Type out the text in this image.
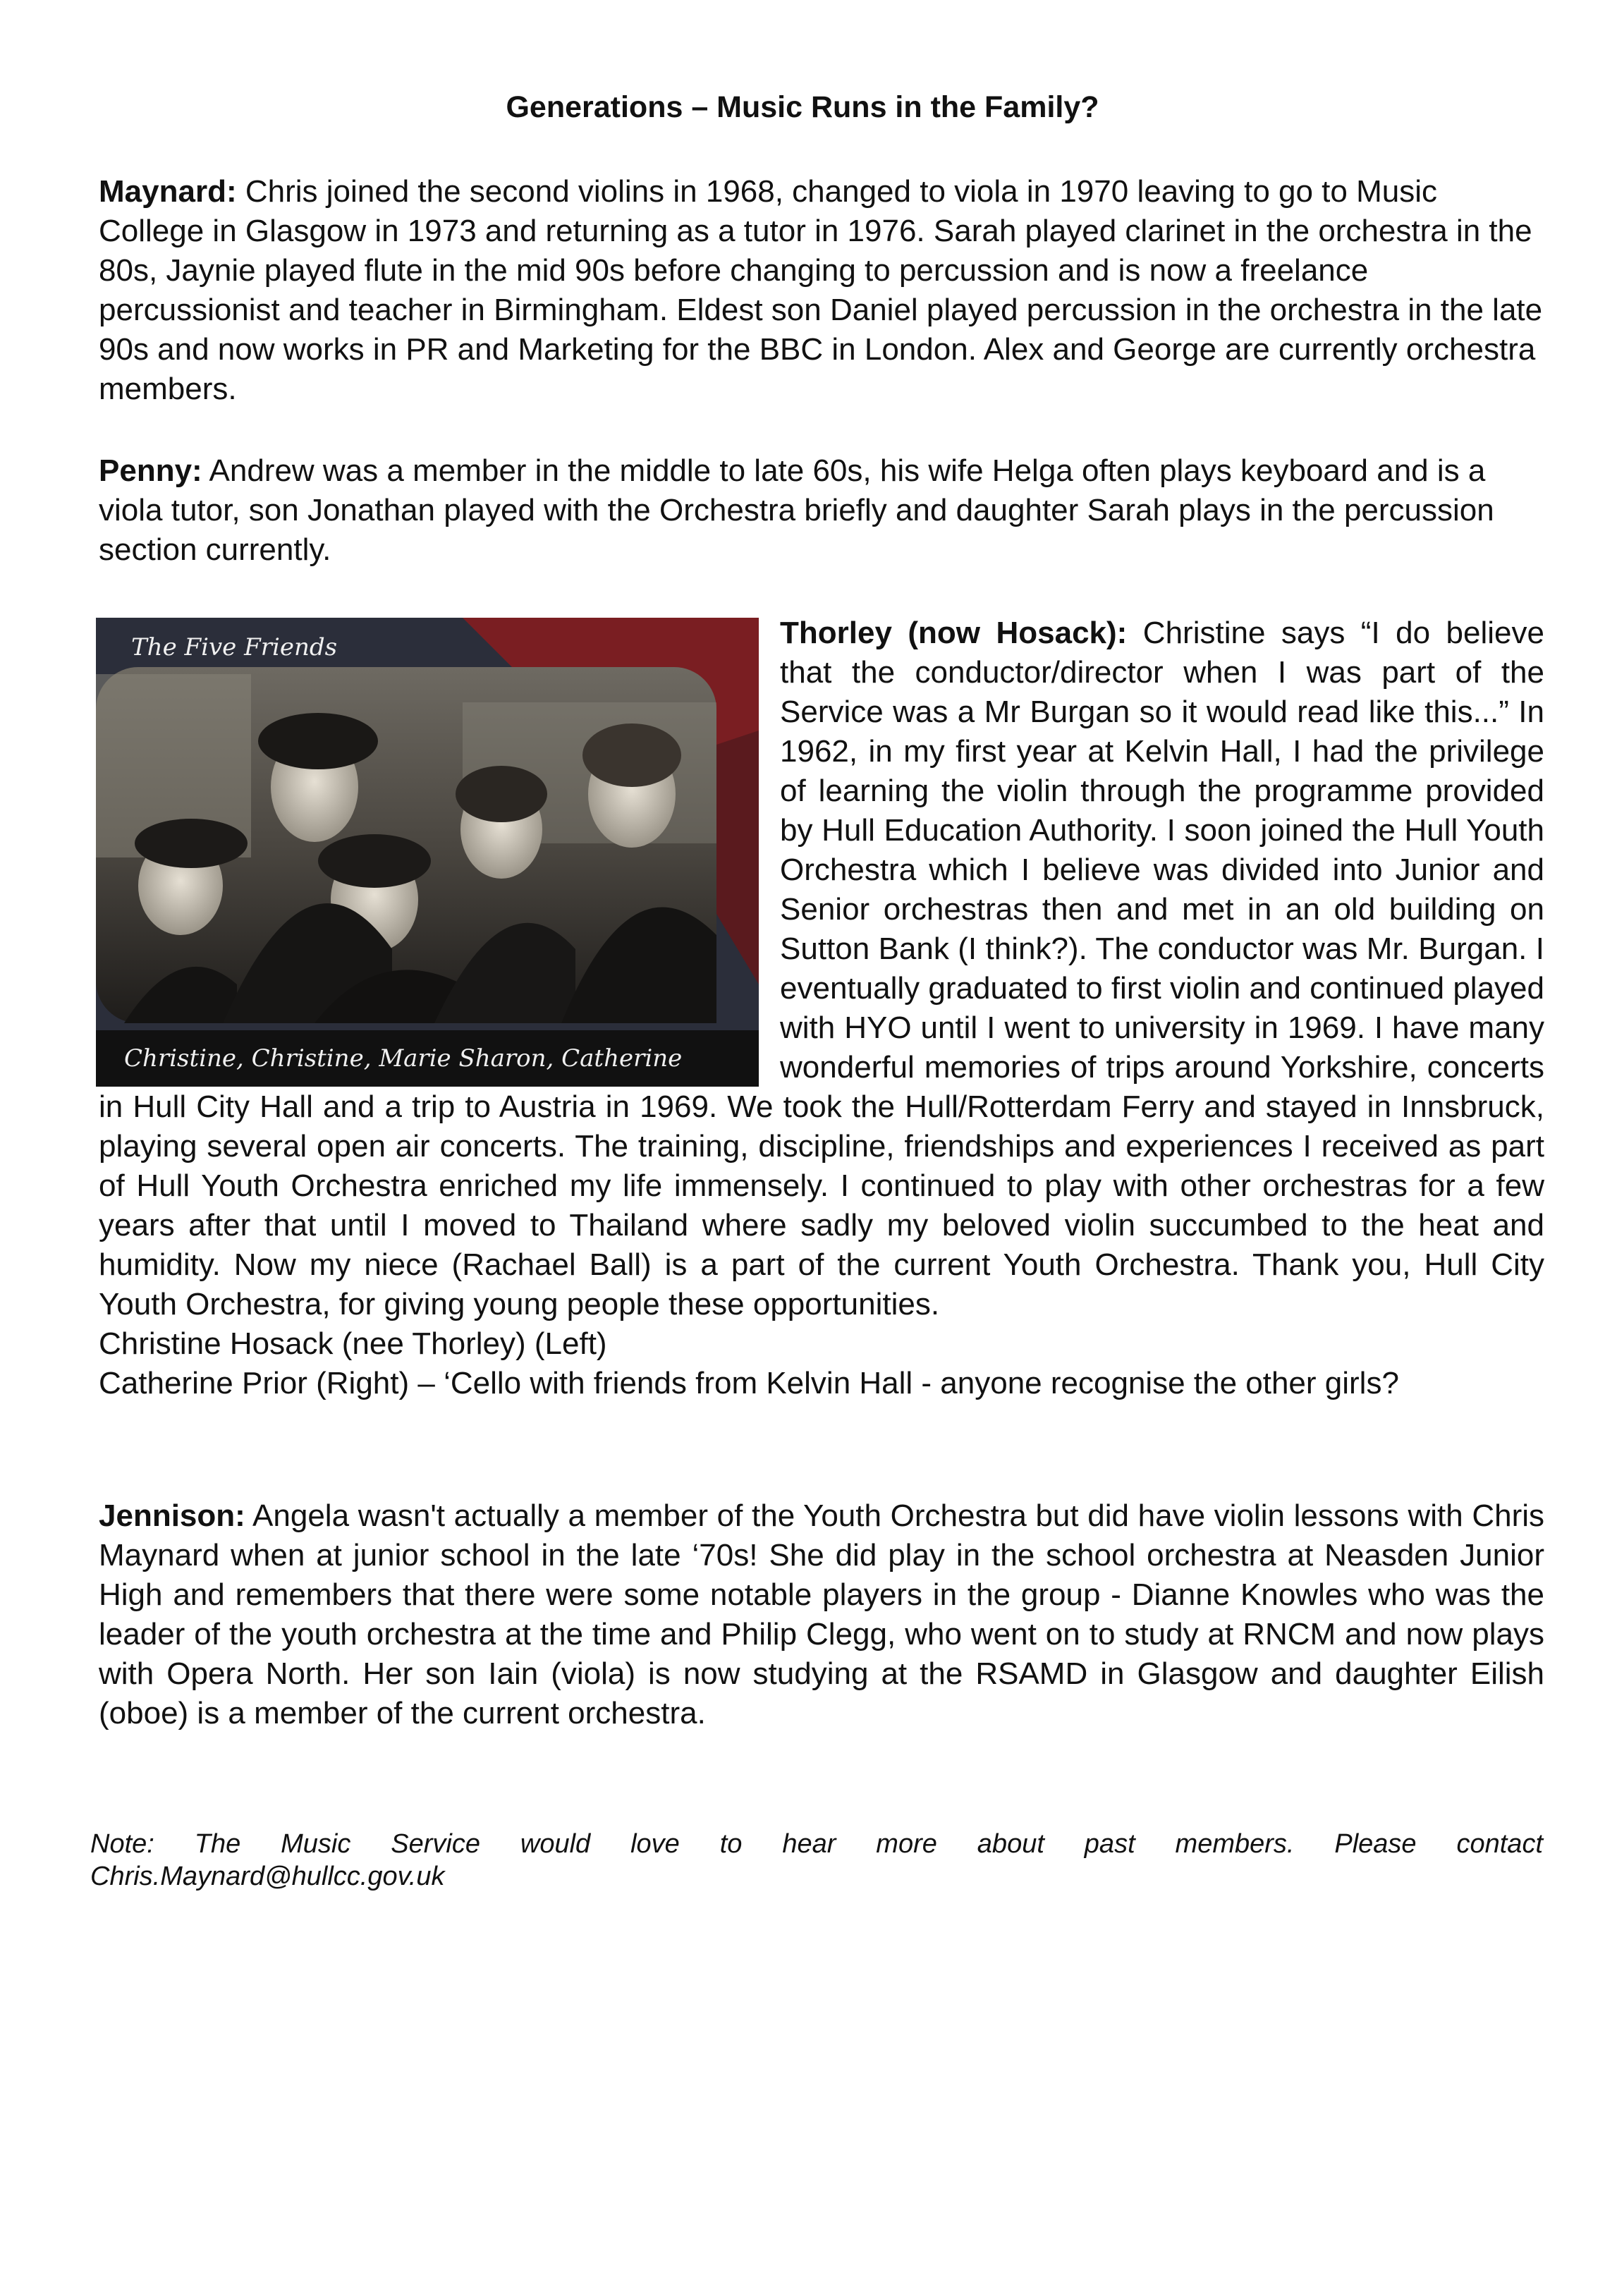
Generations – Music Runs in the Family?

Maynard: Chris joined the second violins in 1968, changed to viola in 1970 leaving to go to Music College in Glasgow in 1973 and returning as a tutor in 1976. Sarah played clarinet in the orchestra in the 80s, Jaynie played flute in the mid 90s before changing to percussion and is now a freelance percussionist and teacher in Birmingham. Eldest son Daniel played percussion in the orchestra in the late 90s and now works in PR and Marketing for the BBC in London. Alex and George are currently orchestra members.

Penny: Andrew was a member in the middle to late 60s, his wife Helga often plays keyboard and is a viola tutor, son Jonathan played with the Orchestra briefly and daughter Sarah plays in the percussion section currently.

The Five Friends
Christine, Christine, Marie Sharon, Catherine
Thorley (now Hosack): Christine says “I do believe that the conductor/director when I was part of the Service was a Mr Burgan so it would read like this...” In 1962, in my first year at Kelvin Hall, I had the privilege of learning the violin through the programme provided by Hull Education Authority. I soon joined the Hull Youth Orchestra which I believe was divided into Junior and Senior orchestras then and met in an old building on Sutton Bank (I think?). The conductor was Mr. Burgan. I eventually graduated to first violin and continued played with HYO until I went to university in 1969. I have many wonderful memories of trips around Yorkshire, concerts in Hull City Hall and a trip to Austria in 1969. We took the Hull/Rotterdam Ferry and stayed in Innsbruck, playing several open air concerts. The training, discipline, friendships and experiences I received as part of Hull Youth Orchestra enriched my life immensely. I continued to play with other orchestras for a few years after that until I moved to Thailand where sadly my beloved violin succumbed to the heat and humidity. Now my niece (Rachael Ball) is a part of the current Youth Orchestra. Thank you, Hull City Youth Orchestra, for giving young people these opportunities.
Christine Hosack (nee Thorley) (Left)
Catherine Prior (Right) – ‘Cello with friends from Kelvin Hall - anyone recognise the other girls?

Jennison: Angela wasn't actually a member of the Youth Orchestra but did have violin lessons with Chris Maynard when at junior school in the late ‘70s! She did play in the school orchestra at Neasden Junior High and remembers that there were some notable players in the group - Dianne Knowles who was the leader of the youth orchestra at the time and Philip Clegg, who went on to study at RNCM and now plays with Opera North. Her son Iain (viola) is now studying at the RSAMD in Glasgow and daughter Eilish (oboe) is a member of the current orchestra.

Note: The Music Service would love to hear more about past members. Please contact

Chris.Maynard@hullcc.gov.uk
